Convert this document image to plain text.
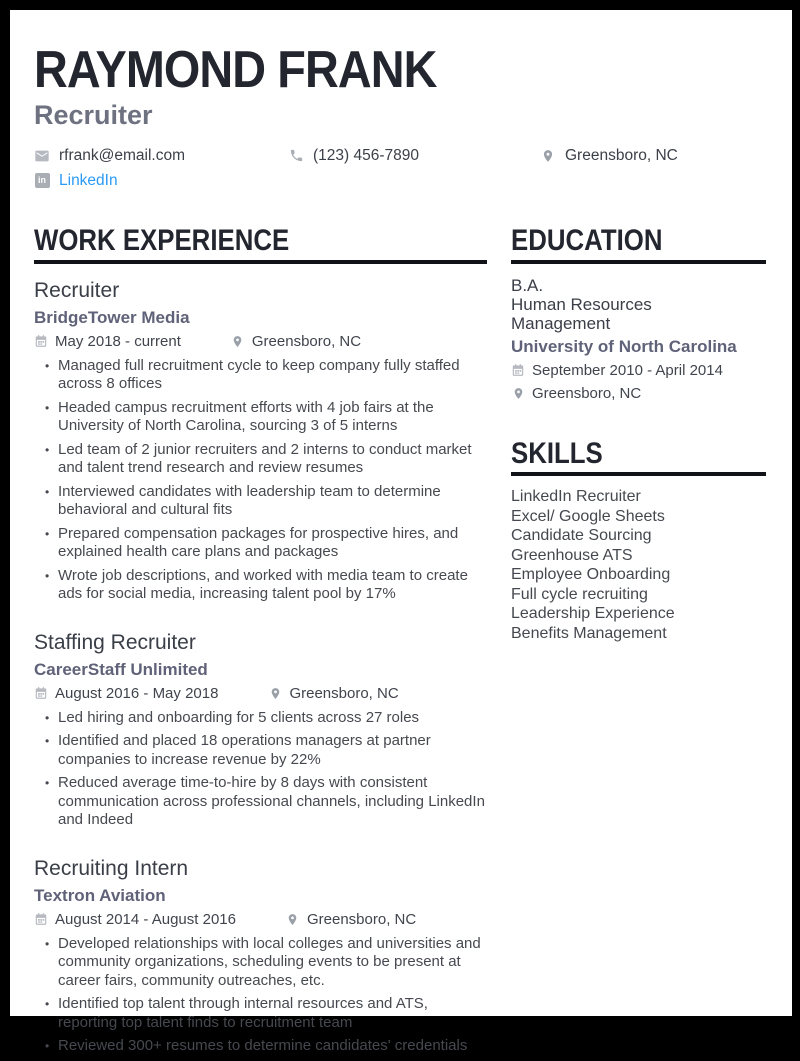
RAYMOND FRANK
Recruiter
rfrank@email.com	(123) 456-7890	Greensboro, NC
in LinkedIn
WORK EXPERIENCE
Recruiter
BridgeTower Media
May 2018 - current	Greensboro, NC
• Managed full recruitment cycle to keep company fully staffed across 8 offices
• Headed campus recruitment efforts with 4 job fairs at the University of North Carolina, sourcing 3 of 5 interns
• Led team of 2 junior recruiters and 2 interns to conduct market and talent trend research and review resumes
• Interviewed candidates with leadership team to determine behavioral and cultural fits
• Prepared compensation packages for prospective hires, and explained health care plans and packages
• Wrote job descriptions, and worked with media team to create ads for social media, increasing talent pool by 17%
Staffing Recruiter
CareerStaff Unlimited
August 2016 - May 2018	Greensboro, NC
• Led hiring and onboarding for 5 clients across 27 roles
• Identified and placed 18 operations managers at partner companies to increase revenue by 22%
• Reduced average time-to-hire by 8 days with consistent communication across professional channels, including LinkedIn and Indeed
Recruiting Intern
Textron Aviation
August 2014 - August 2016	Greensboro, NC
• Developed relationships with local colleges and universities and community organizations, scheduling events to be present at career fairs, community outreaches, etc.
• Identified top talent through internal resources and ATS, reporting top talent finds to recruitment team
• Reviewed 300+ resumes to determine candidates' credentials
EDUCATION
B.A.
Human Resources Management
University of North Carolina
September 2010 - April 2014
Greensboro, NC
SKILLS
LinkedIn Recruiter
Excel/ Google Sheets
Candidate Sourcing
Greenhouse ATS
Employee Onboarding
Full cycle recruiting
Leadership Experience
Benefits Management
